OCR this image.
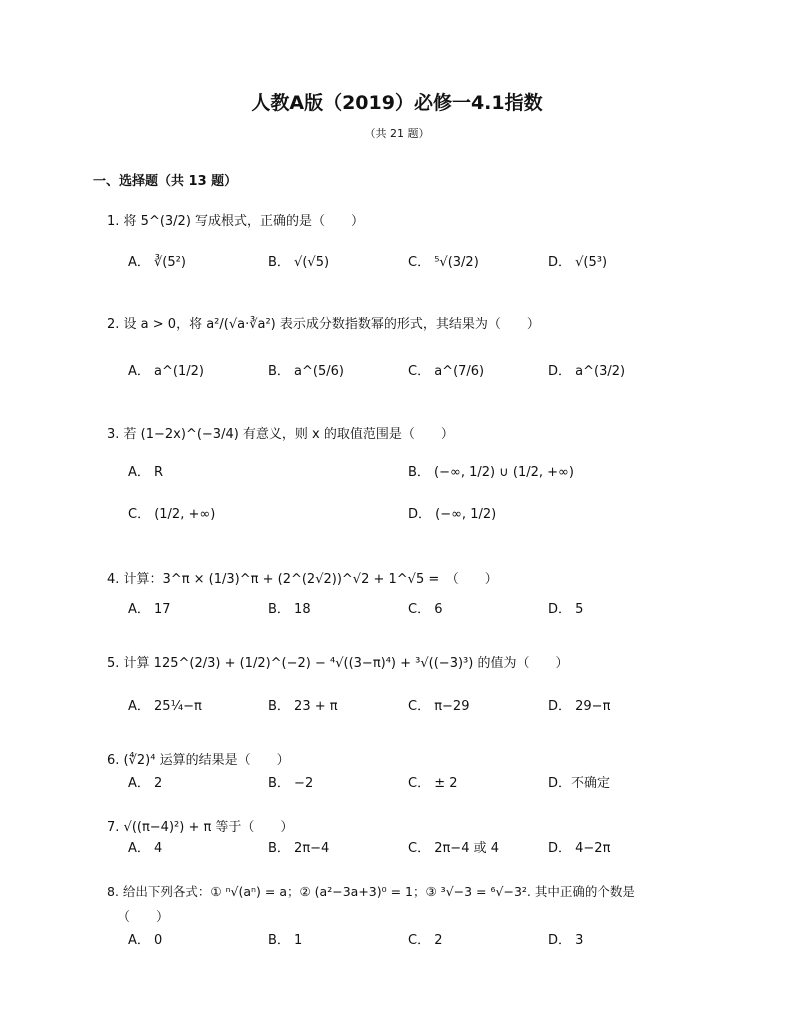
人教A版（2019）必修一4.1指数
（共 21 题）
一、选择题（共 13 题）
1. 将 5^(3/2) 写成根式，正确的是（　　）
A． ∛(5²)	B． √(√5)	C． ⁵√(3/2)	D． √(5³)
2. 设 a > 0，将 a²/(√a·∛a²) 表示成分数指数幂的形式，其结果为（　　）
A． a^(1/2)	B． a^(5/6)	C． a^(7/6)	D． a^(3/2)
3. 若 (1−2x)^(−3/4) 有意义，则 x 的取值范围是（　　）
A． R	B． (−∞, 1/2) ∪ (1/2, +∞)
C． (1/2, +∞)	D． (−∞, 1/2)
4. 计算：3^π × (1/3)^π + (2^(2√2))^√2 + 1^√5 =　（　　）
A． 17	B． 18	C． 6	D． 5
5. 计算 125^(2/3) + (1/2)^(−2) − ⁴√((3−π)⁴) + ³√((−3)³) 的值为（　　）
A． 25¼−π	B． 23 + π	C． π−29	D． 29−π
6. (∜2)⁴ 运算的结果是（　　）
A． 2	B． −2	C． ± 2	D．不确定
7. √((π−4)²) + π 等于（　　）
A． 4	B． 2π−4	C． 2π−4 或 4	D． 4−2π
8. 给出下列各式：① ⁿ√(aⁿ) = a；② (a²−3a+3)⁰ = 1；③ ³√−3 = ⁶√−3². 其中正确的个数是
（　　）
A． 0	B． 1	C． 2	D． 3
